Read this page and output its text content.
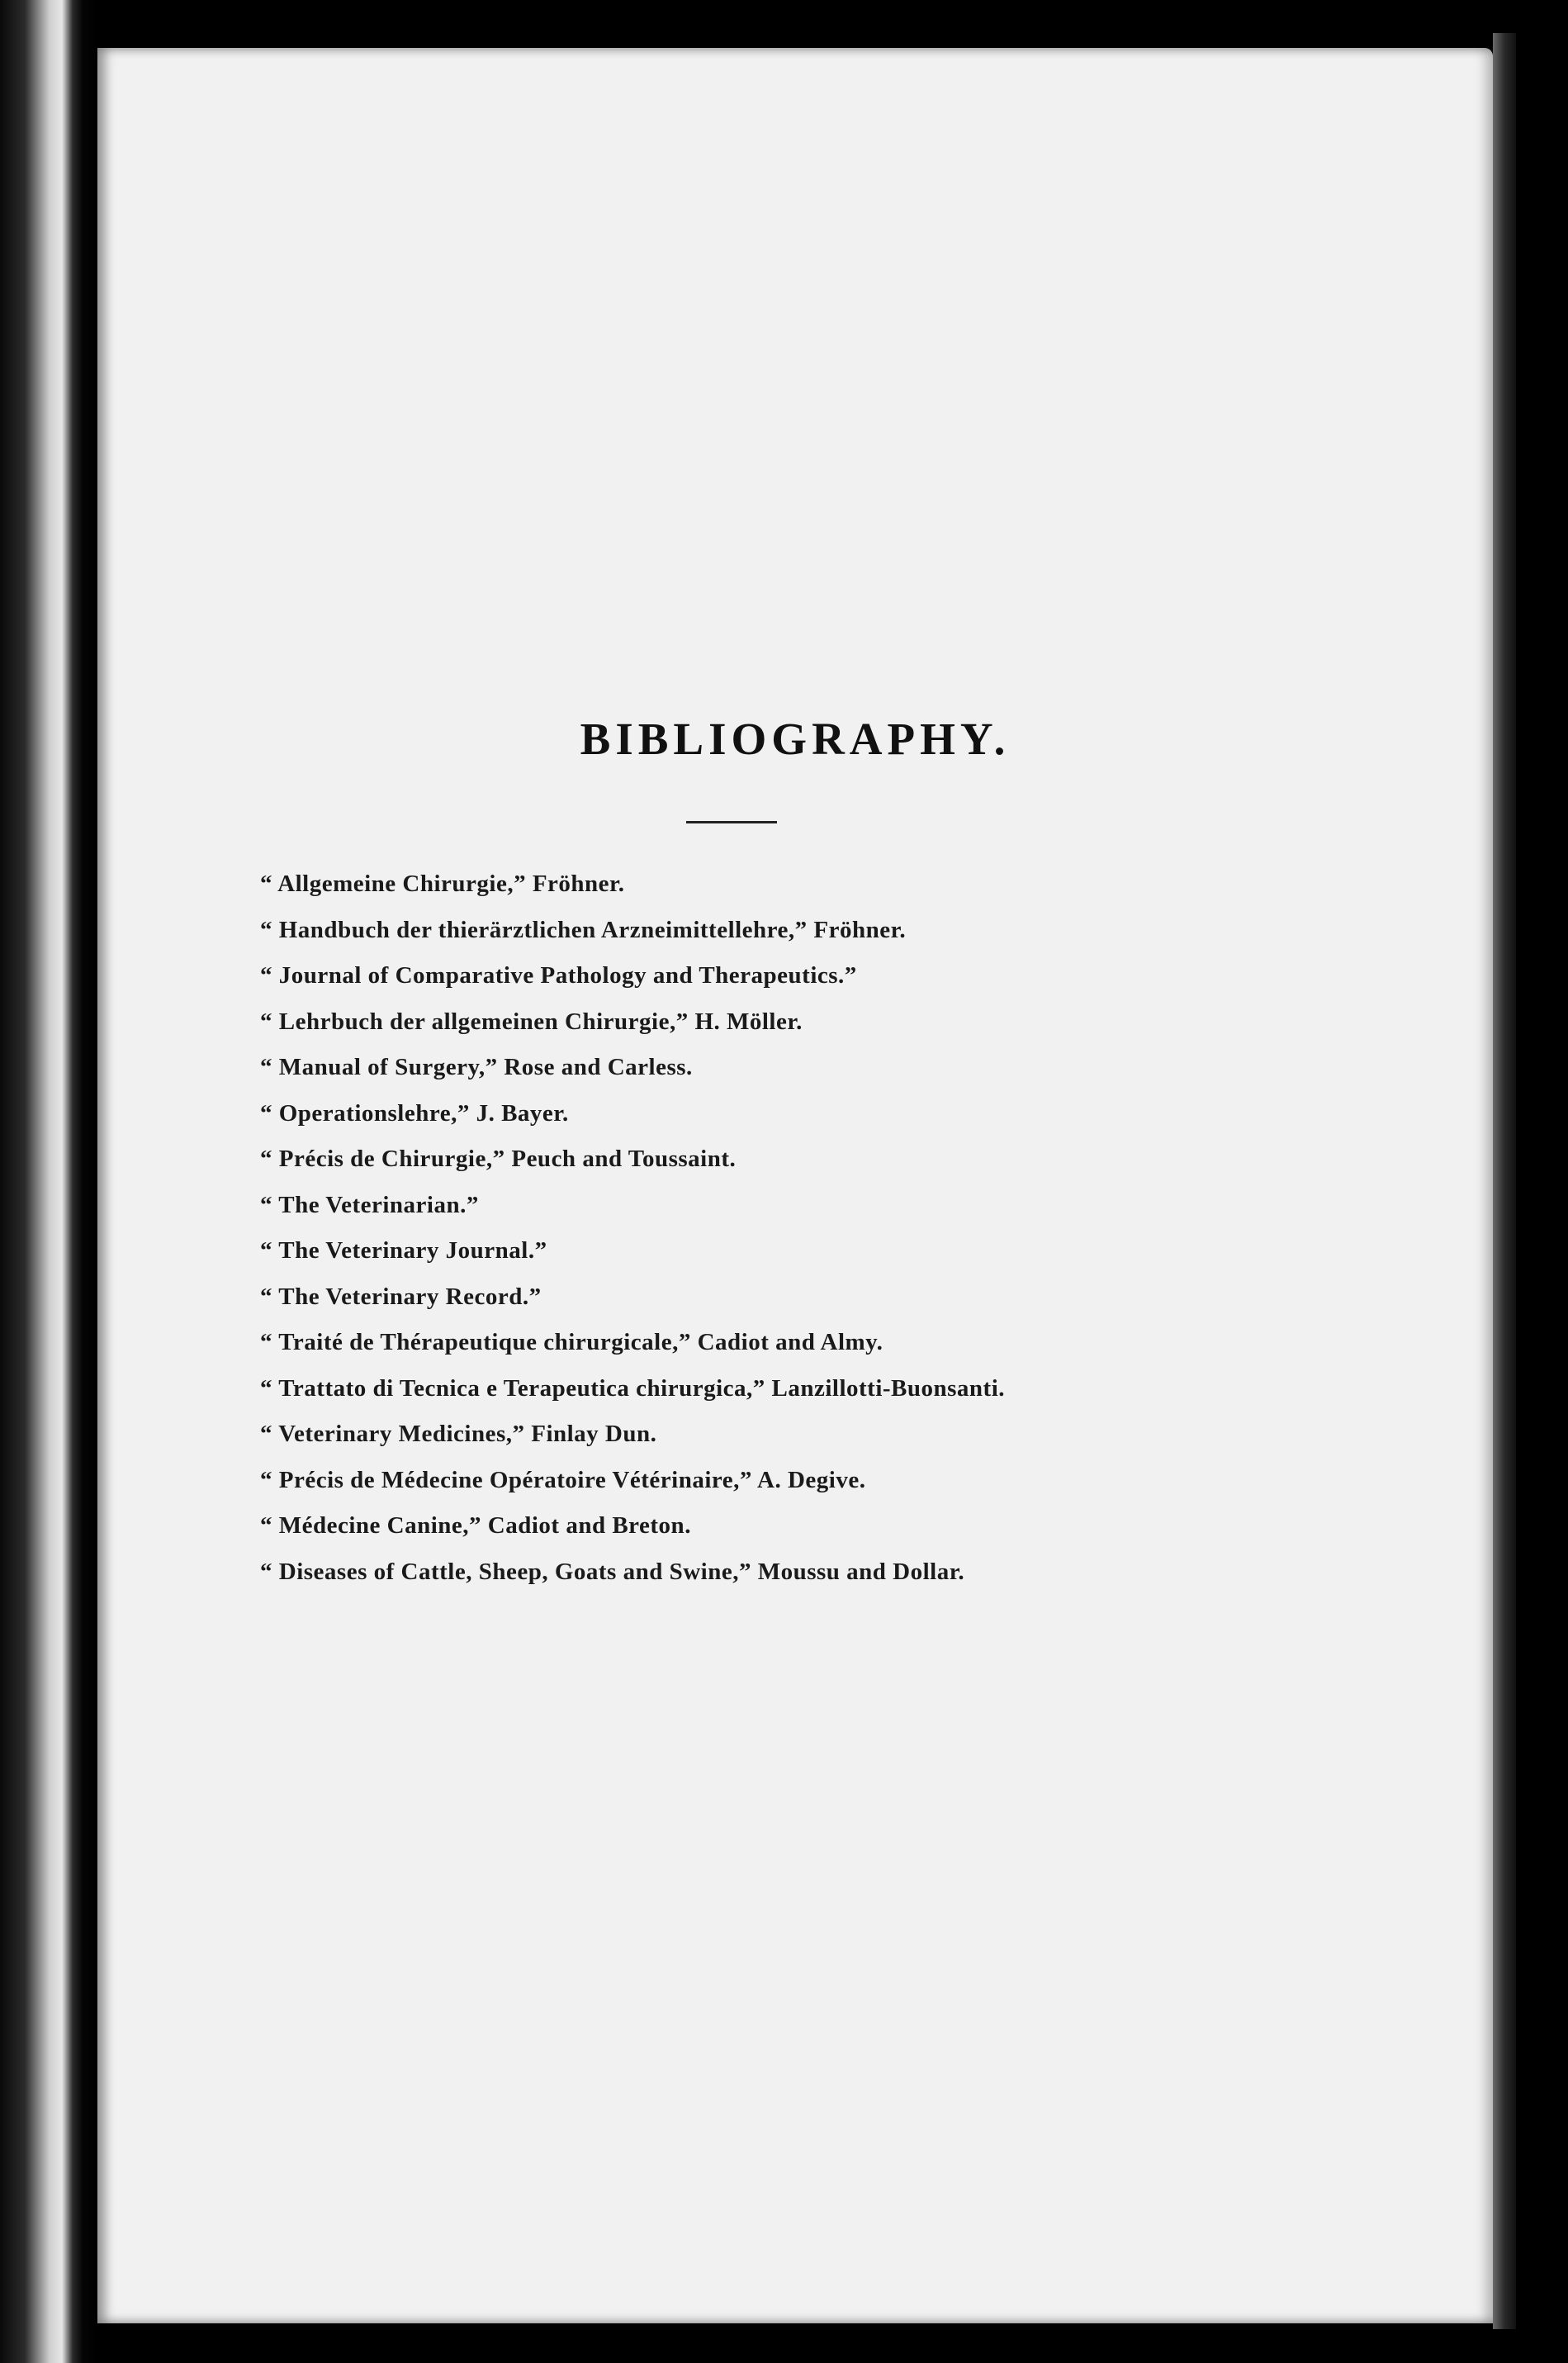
BIBLIOGRAPHY.
“ Allgemeine Chirurgie,” Fröhner.
“ Handbuch der thierärztlichen Arzneimittellehre,” Fröhner.
“ Journal of Comparative Pathology and Therapeutics.”
“ Lehrbuch der allgemeinen Chirurgie,” H. Möller.
“ Manual of Surgery,” Rose and Carless.
“ Operationslehre,” J. Bayer.
“ Précis de Chirurgie,” Peuch and Toussaint.
“ The Veterinarian.”
“ The Veterinary Journal.”
“ The Veterinary Record.”
“ Traité de Thérapeutique chirurgicale,” Cadiot and Almy.
“ Trattato di Tecnica e Terapeutica chirurgica,” Lanzillotti-Buonsanti.
“ Veterinary Medicines,” Finlay Dun.
“ Précis de Médecine Opératoire Vétérinaire,” A. Degive.
“ Médecine Canine,” Cadiot and Breton.
“ Diseases of Cattle, Sheep, Goats and Swine,” Moussu and Dollar.
